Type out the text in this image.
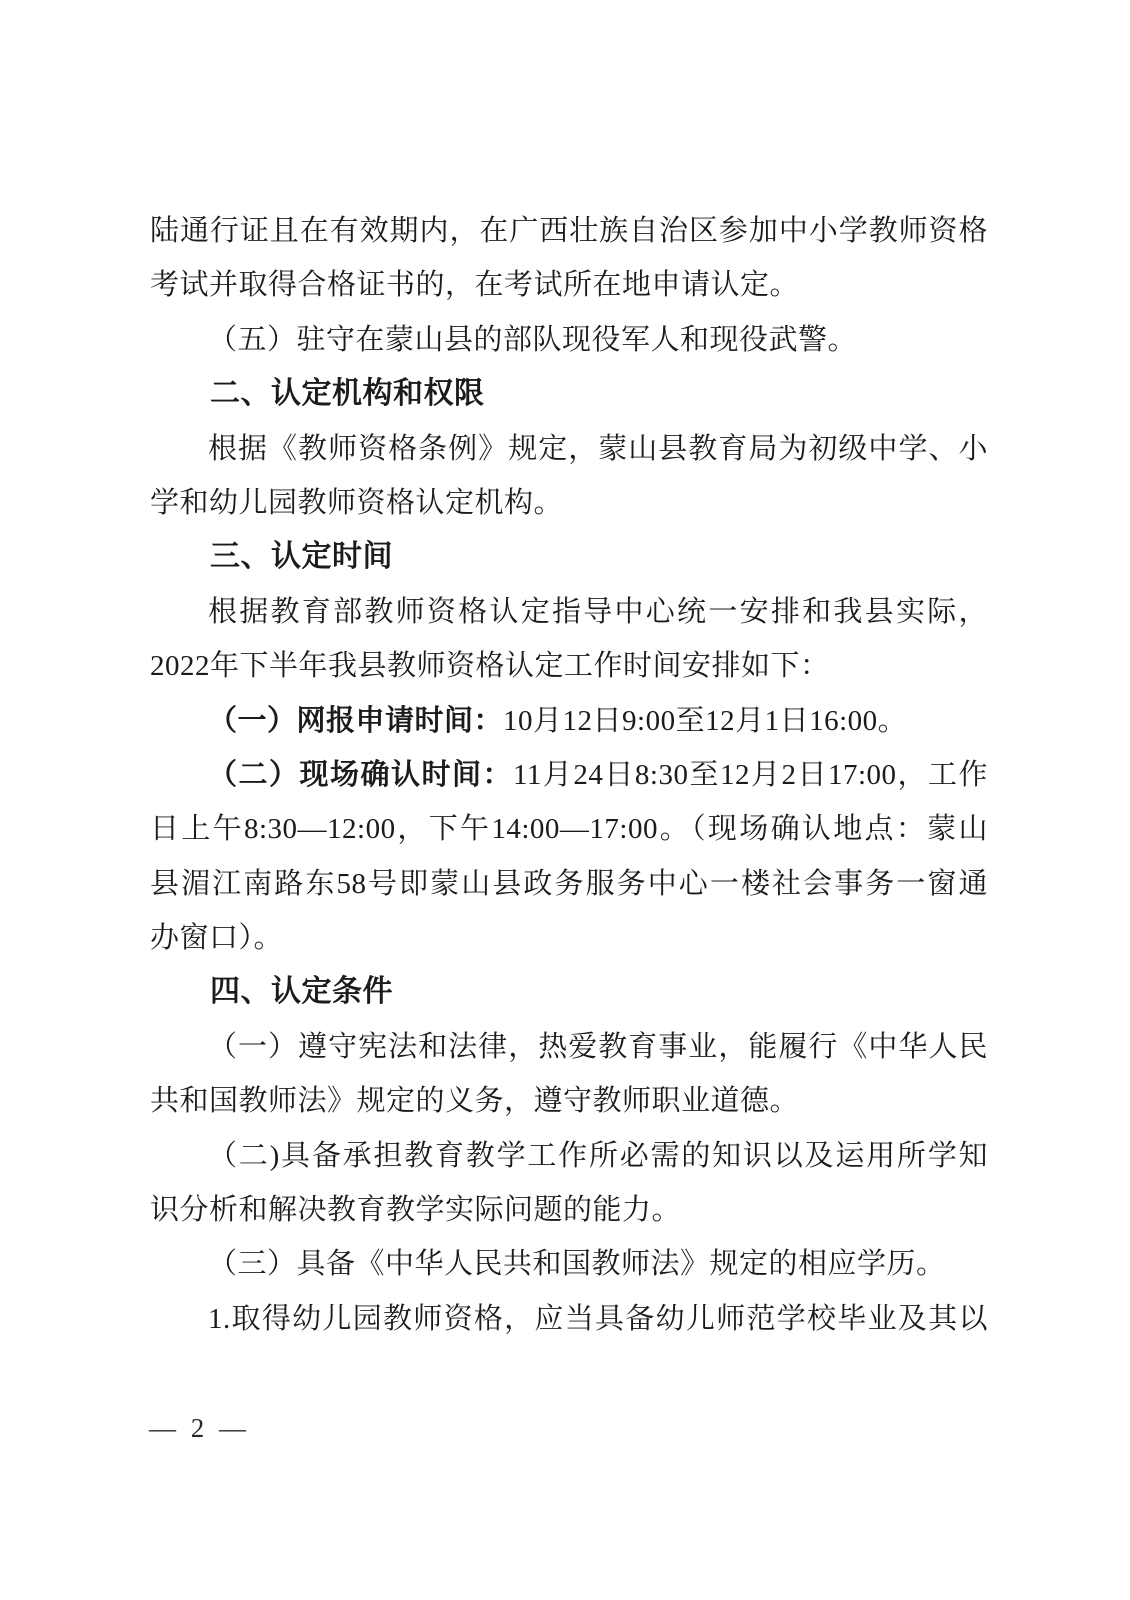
陆通行证且在有效期内，在广西壮族自治区参加中小学教师资格
考试并取得合格证书的，在考试所在地申请认定。
（五）驻守在蒙山县的部队现役军人和现役武警。
二、认定机构和权限
根据《教师资格条例》规定，蒙山县教育局为初级中学、小
学和幼儿园教师资格认定机构。
三、认定时间
根据教育部教师资格认定指导中心统一安排和我县实际，
2022年下半年我县教师资格认定工作时间安排如下：
（一）网报申请时间：10月12日9:00至12月1日16:00。
（二）现场确认时间：11月24日8:30至12月2日17:00，工作
日上午8:30—12:00，下午14:00—17:00。（现场确认地点：蒙山
县湄江南路东58号即蒙山县政务服务中心一楼社会事务一窗通
办窗口）。
四、认定条件
（一）遵守宪法和法律，热爱教育事业，能履行《中华人民
共和国教师法》规定的义务，遵守教师职业道德。
（二)具备承担教育教学工作所必需的知识以及运用所学知
识分析和解决教育教学实际问题的能力。
（三）具备《中华人民共和国教师法》规定的相应学历。
1.取得幼儿园教师资格，应当具备幼儿师范学校毕业及其以
— 2 —
